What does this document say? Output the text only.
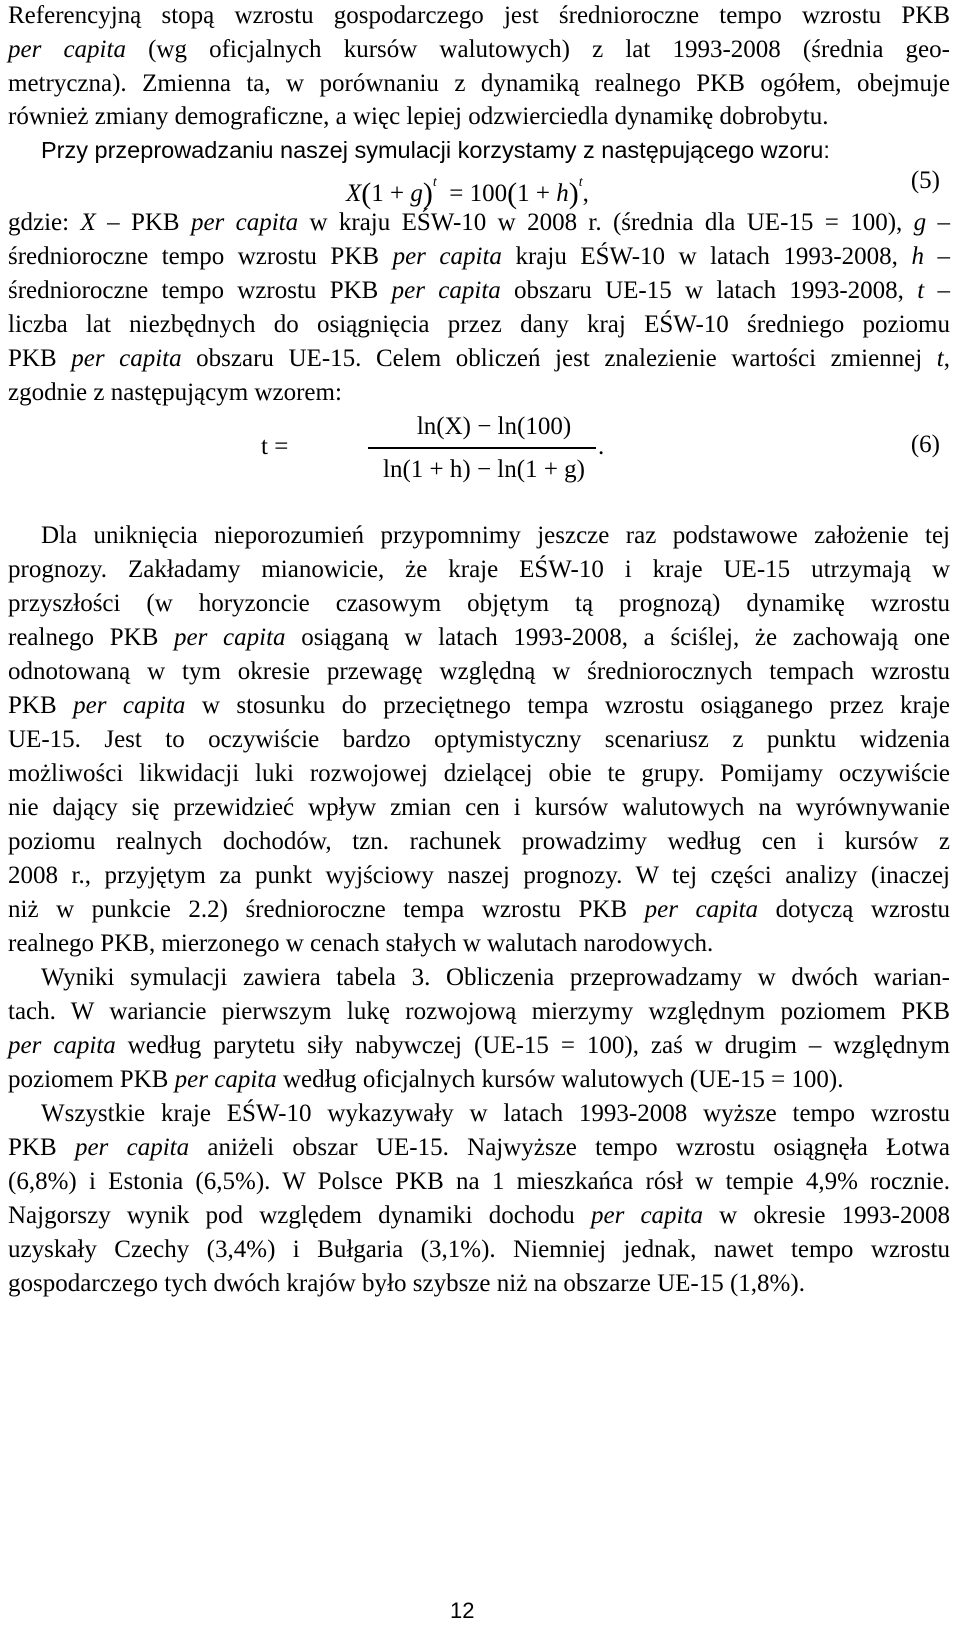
Referencyjną stopą wzrostu gospodarczego jest średnioroczne tempo wzrostu PKB
per capita (wg oficjalnych kursów walutowych) z lat 1993-2008 (średnia geo-
metryczna). Zmienna ta, w porównaniu z dynamiką realnego PKB ogółem, obejmuje
również zmiany demograficzne, a więc lepiej odzwierciedla dynamikę dobrobytu.
Przy przeprowadzaniu naszej symulacji korzystamy z następującego wzoru:
$X(1 + g)^t = 100(1 + h)^t$,	(5)
gdzie: X – PKB per capita w kraju EŚW-10 w 2008 r. (średnia dla UE-15 = 100), g –
średnioroczne tempo wzrostu PKB per capita kraju EŚW-10 w latach 1993-2008, h –
średnioroczne tempo wzrostu PKB per capita obszaru UE-15 w latach 1993-2008, t –
liczba lat niezbędnych do osiągnięcia przez dany kraj EŚW-10 średniego poziomu
PKB per capita obszaru UE-15. Celem obliczeń jest znalezienie wartości zmiennej t,
zgodnie z następującym wzorem:
t =
ln(X) − ln(100)
ln(1 + h) − ln(1 + g)
.	(6)
Dla uniknięcia nieporozumień przypomnimy jeszcze raz podstawowe założenie tej
prognozy. Zakładamy mianowicie, że kraje EŚW-10 i kraje UE-15 utrzymają w
przyszłości (w horyzoncie czasowym objętym tą prognozą) dynamikę wzrostu
realnego PKB per capita osiąganą w latach 1993-2008, a ściślej, że zachowają one
odnotowaną w tym okresie przewagę względną w średniorocznych tempach wzrostu
PKB per capita w stosunku do przeciętnego tempa wzrostu osiąganego przez kraje
UE-15. Jest to oczywiście bardzo optymistyczny scenariusz z punktu widzenia
możliwości likwidacji luki rozwojowej dzielącej obie te grupy. Pomijamy oczywiście
nie dający się przewidzieć wpływ zmian cen i kursów walutowych na wyrównywanie
poziomu realnych dochodów, tzn. rachunek prowadzimy według cen i kursów z
2008 r., przyjętym za punkt wyjściowy naszej prognozy. W tej części analizy (inaczej
niż w punkcie 2.2) średnioroczne tempa wzrostu PKB per capita dotyczą wzrostu
realnego PKB, mierzonego w cenach stałych w walutach narodowych.
Wyniki symulacji zawiera tabela 3. Obliczenia przeprowadzamy w dwóch warian-
tach. W wariancie pierwszym lukę rozwojową mierzymy względnym poziomem PKB
per capita według parytetu siły nabywczej (UE-15 = 100), zaś w drugim – względnym
poziomem PKB per capita według oficjalnych kursów walutowych (UE-15 = 100).
Wszystkie kraje EŚW-10 wykazywały w latach 1993-2008 wyższe tempo wzrostu
PKB per capita aniżeli obszar UE-15. Najwyższe tempo wzrostu osiągnęła Łotwa
(6,8%) i Estonia (6,5%). W Polsce PKB na 1 mieszkańca rósł w tempie 4,9% rocznie.
Najgorszy wynik pod względem dynamiki dochodu per capita w okresie 1993-2008
uzyskały Czechy (3,4%) i Bułgaria (3,1%). Niemniej jednak, nawet tempo wzrostu
gospodarczego tych dwóch krajów było szybsze niż na obszarze UE-15 (1,8%).
12
